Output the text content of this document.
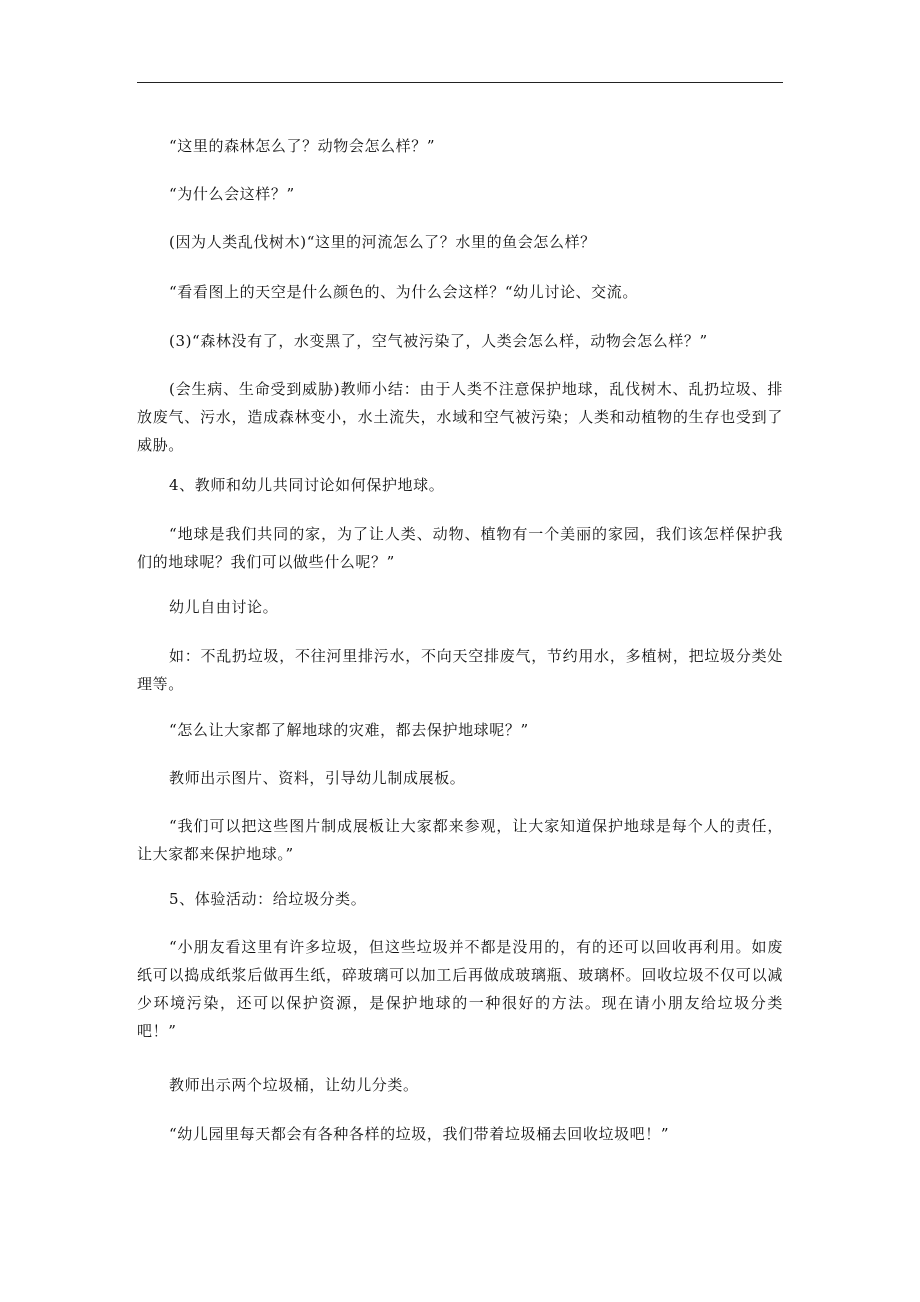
“这里的森林怎么了？动物会怎么样？”

“为什么会这样？”

(因为人类乱伐树木)“这里的河流怎么了？水里的鱼会怎么样？

“看看图上的天空是什么颜色的、为什么会这样？“幼儿讨论、交流。

(3)“森林没有了，水变黑了，空气被污染了，人类会怎么样，动物会怎么样？”

(会生病、生命受到威胁)教师小结：由于人类不注意保护地球，乱伐树木、乱扔垃圾、排放废气、污水，造成森林变小，水土流失，水域和空气被污染；人类和动植物的生存也受到了威胁。

4、教师和幼儿共同讨论如何保护地球。

“地球是我们共同的家，为了让人类、动物、植物有一个美丽的家园，我们该怎样保护我们的地球呢？我们可以做些什么呢？”

幼儿自由讨论。

如：不乱扔垃圾，不往河里排污水，不向天空排废气，节约用水，多植树，把垃圾分类处理等。

“怎么让大家都了解地球的灾难，都去保护地球呢？”

教师出示图片、资料，引导幼儿制成展板。

“我们可以把这些图片制成展板让大家都来参观，让大家知道保护地球是每个人的责任，让大家都来保护地球。”

5、体验活动：给垃圾分类。

“小朋友看这里有许多垃圾，但这些垃圾并不都是没用的，有的还可以回收再利用。如废纸可以捣成纸浆后做再生纸，碎玻璃可以加工后再做成玻璃瓶、玻璃杯。回收垃圾不仅可以减少环境污染，还可以保护资源，是保护地球的一种很好的方法。现在请小朋友给垃圾分类吧！”

教师出示两个垃圾桶，让幼儿分类。

“幼儿园里每天都会有各种各样的垃圾，我们带着垃圾桶去回收垃圾吧！”
